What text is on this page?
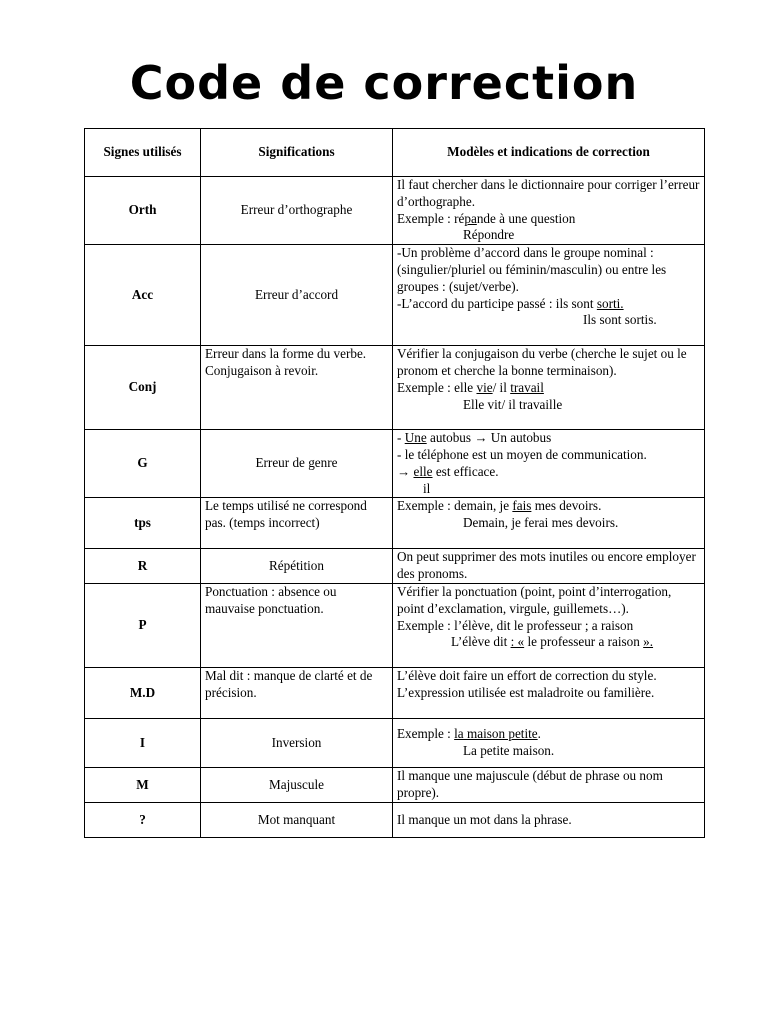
Code de correction
Signes utilisés	Significations	Modèles et indications de correction
Orth	Erreur d’orthographe	Il faut chercher dans le dictionnaire pour corriger l’erreur d’orthographe.
Exemple : répande à une question
Répondre

Acc	Erreur d’accord	-Un problème d’accord dans le groupe nominal : (singulier/pluriel ou féminin/masculin) ou entre les groupes : (sujet/verbe).
-L’accord du participe passé : ils sont sorti.
Ils sont sortis.

Conj	Erreur dans la forme du verbe. Conjugaison à revoir.	Vérifier la conjugaison du verbe (cherche le sujet ou le pronom et cherche la bonne terminaison).
Exemple : elle vie/ il travail
Elle vit/ il travaille

G	Erreur de genre	- Une autobus → Un autobus
- le téléphone est un moyen de communication.
→ elle est efficace.
il

tps	Le temps utilisé ne correspond pas. (temps incorrect)	Exemple : demain, je fais mes devoirs.
Demain, je ferai mes devoirs.

R	Répétition	On peut supprimer des mots inutiles ou encore employer des pronoms.

P	Ponctuation : absence ou mauvaise ponctuation.	Vérifier la ponctuation (point, point d’interrogation, point d’exclamation, virgule, guillemets…).
Exemple : l’élève, dit le professeur ; a raison
L’élève dit : « le professeur a raison ».

M.D	Mal dit : manque de clarté et de précision.	L’élève doit faire un effort de correction du style. L’expression utilisée est maladroite ou familière.

I	Inversion	Exemple : la maison petite.
La petite maison.

M	Majuscule	Il manque une majuscule (début de phrase ou nom propre).

?	Mot manquant	Il manque un mot dans la phrase.
